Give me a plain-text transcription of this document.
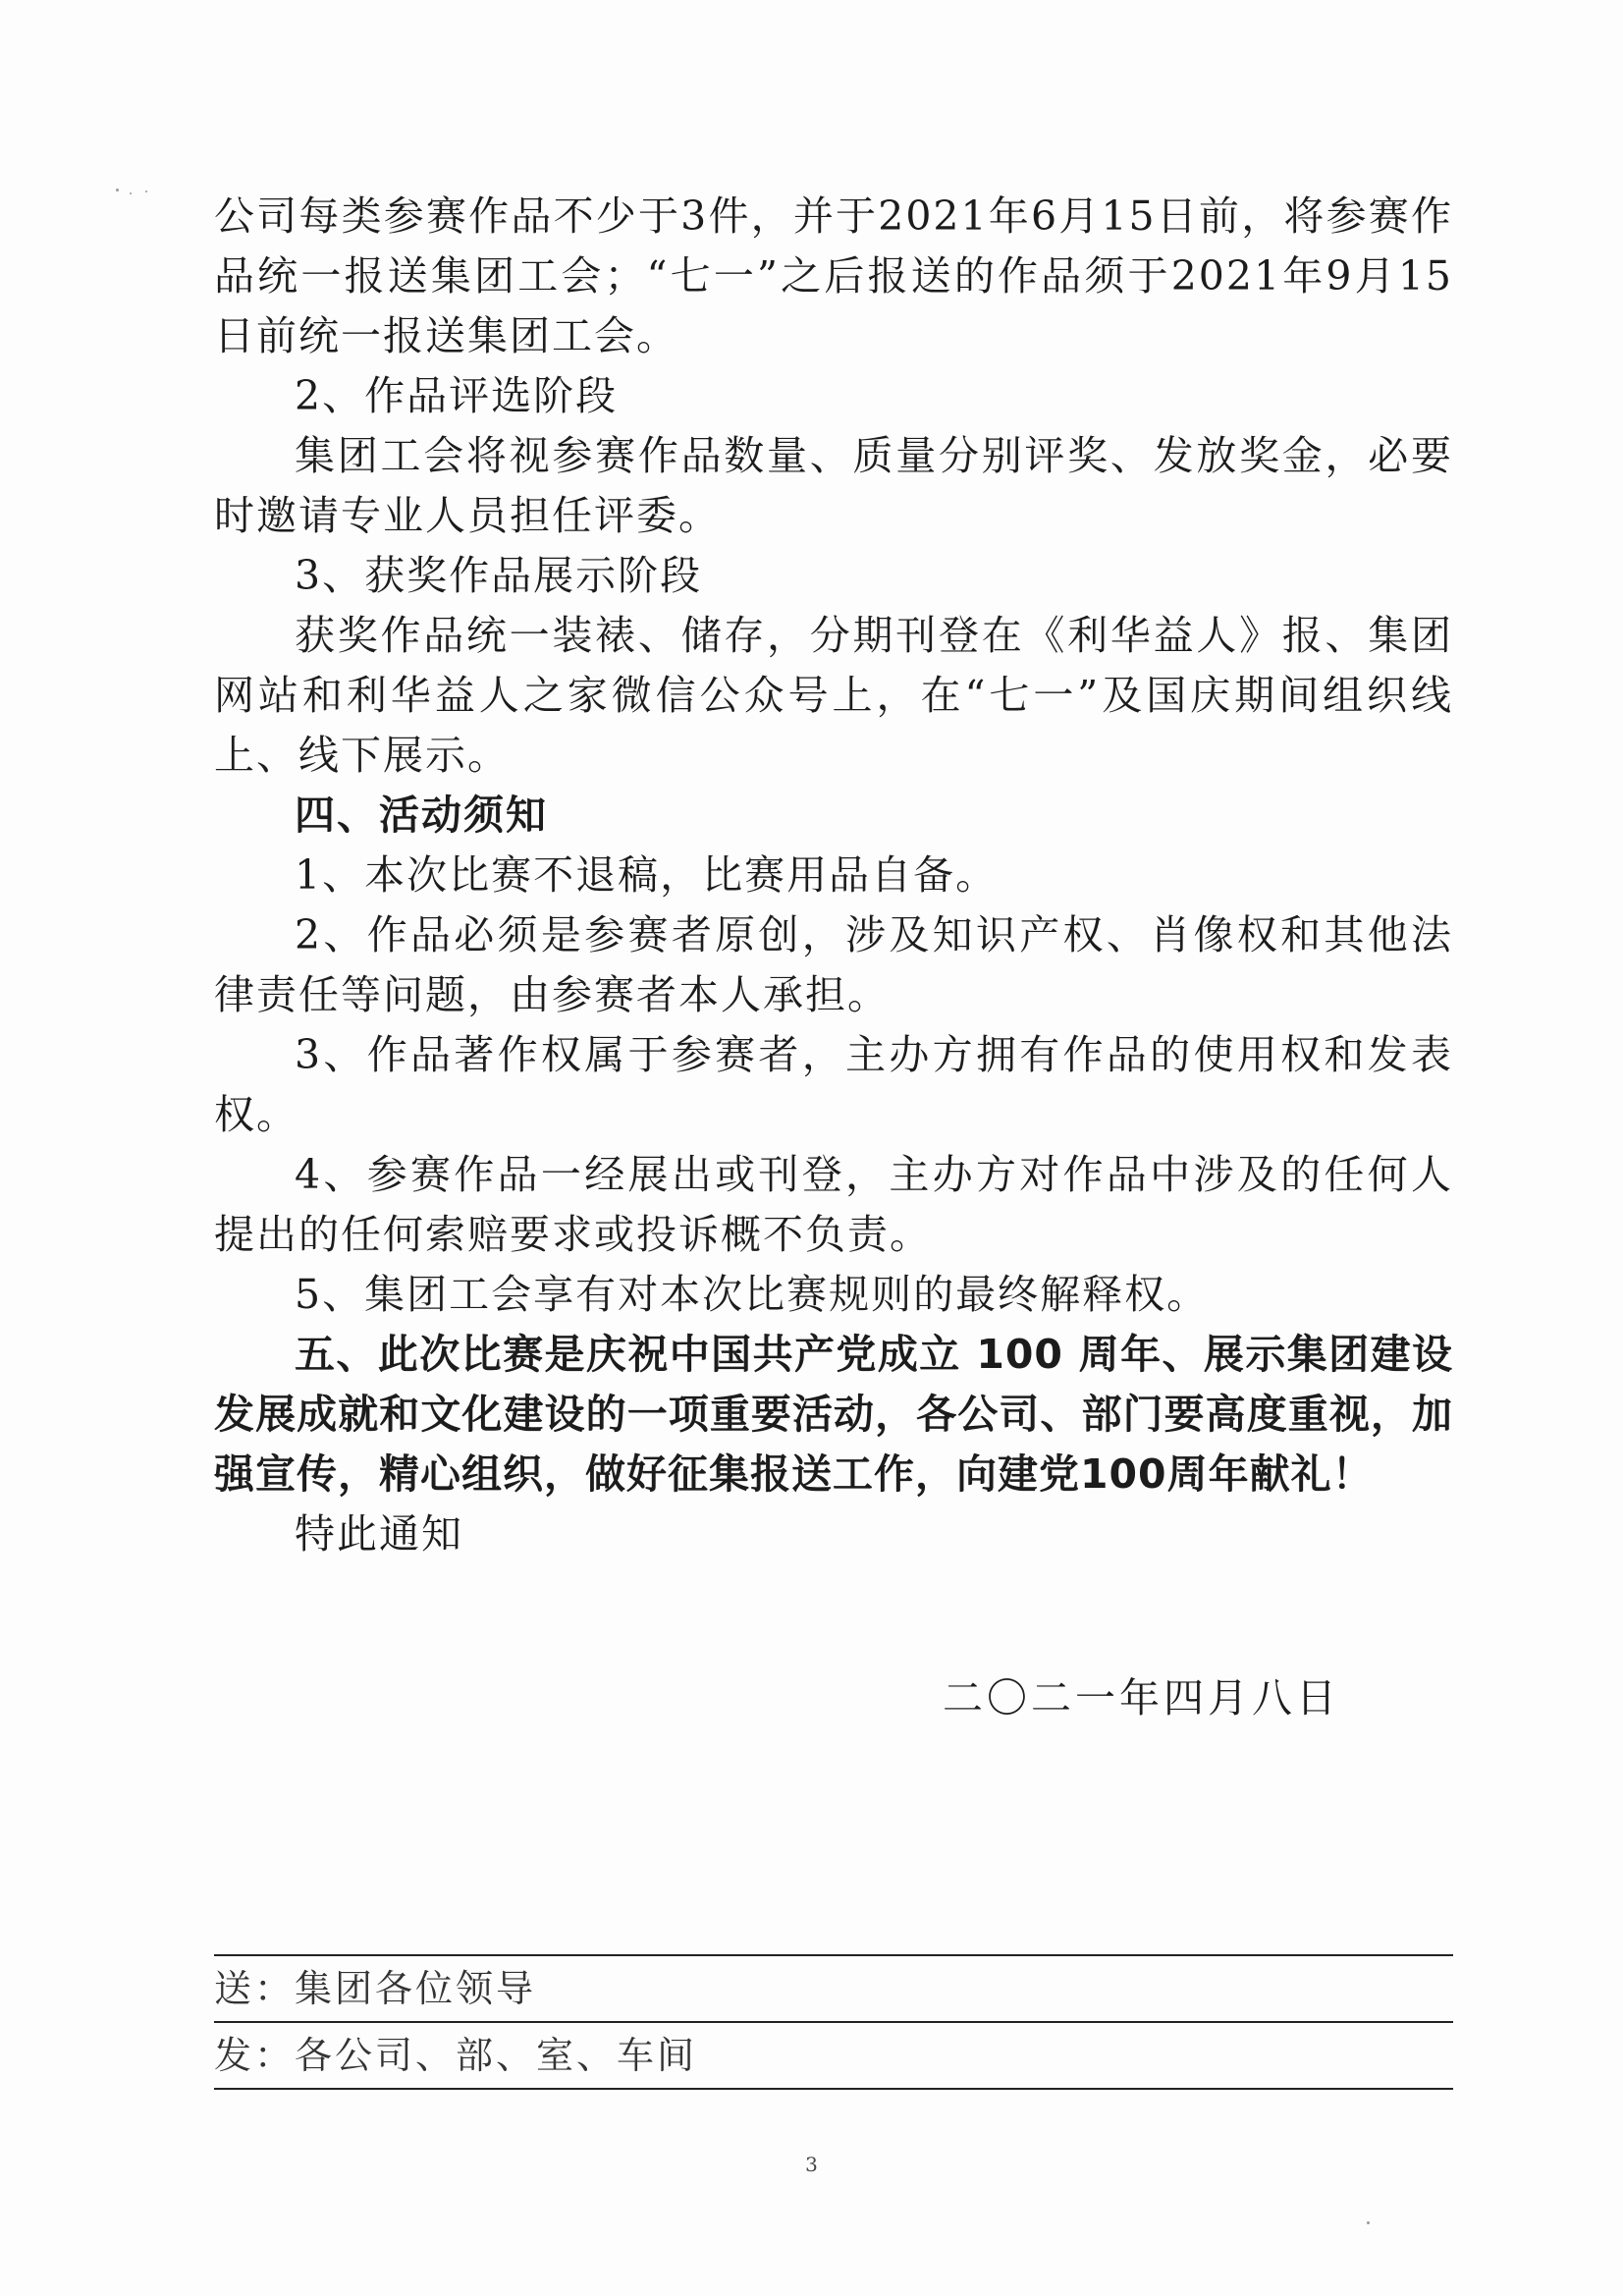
公司每类参赛作品不少于3件，并于2021年6月15日前，将参赛作品统一报送集团工会；“七一”之后报送的作品须于2021年9月15日前统一报送集团工会。

2、作品评选阶段

集团工会将视参赛作品数量、质量分别评奖、发放奖金，必要时邀请专业人员担任评委。

3、获奖作品展示阶段

获奖作品统一装裱、储存，分期刊登在《利华益人》报、集团网站和利华益人之家微信公众号上，在“七一”及国庆期间组织线上、线下展示。

四、活动须知

1、本次比赛不退稿，比赛用品自备。

2、作品必须是参赛者原创，涉及知识产权、肖像权和其他法律责任等问题，由参赛者本人承担。

3、作品著作权属于参赛者，主办方拥有作品的使用权和发表权。

4、参赛作品一经展出或刊登，主办方对作品中涉及的任何人提出的任何索赔要求或投诉概不负责。

5、集团工会享有对本次比赛规则的最终解释权。

五、此次比赛是庆祝中国共产党成立 100 周年、展示集团建设发展成就和文化建设的一项重要活动，各公司、部门要高度重视，加强宣传，精心组织，做好征集报送工作，向建党100周年献礼！

特此通知

二〇二一年四月八日
送：集团各位领导
发：各公司、部、室、车间
3
